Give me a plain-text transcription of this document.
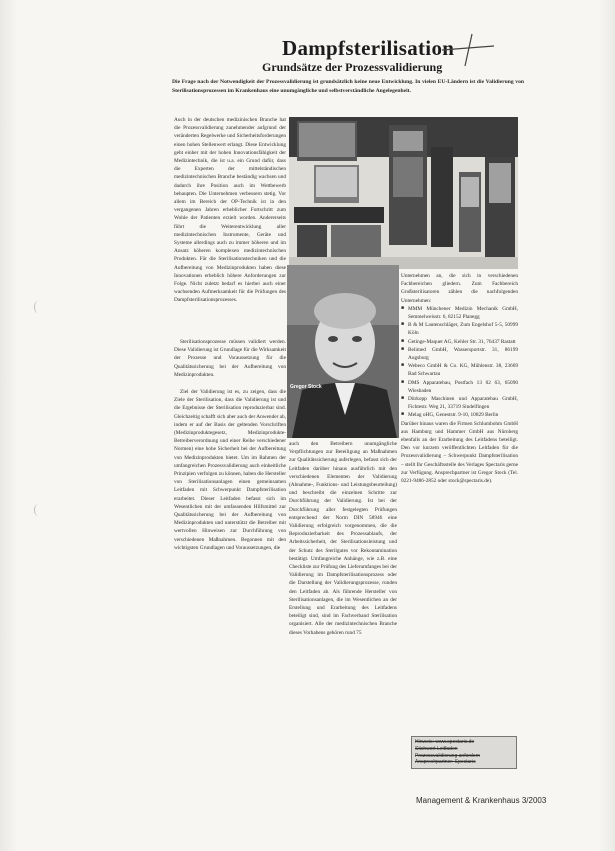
Dampfsterilisation
Grundsätze der Prozessvalidierung
Die Frage nach der Notwendigkeit der Prozessvalidierung ist grundsätzlich keine neue Entwicklung. In vielen EU-Ländern ist die Validierung von Sterilisationsprozessen im Krankenhaus eine unumgängliche und selbstverständliche Angelegenheit.

Auch in der deutschen medizinischen Branche hat die Prozessvalidierung zunehmender aufgrund der veränderten Regelwerke und Sicherheitsforderungen einen hohen Stellenwert erlangt. Diese Entwicklung geht einher mit der hohen Innovationsfähigkeit der Medizintechnik, die ist u.a. ein Grund dafür, dass die Experten der mittelständischen medizintechnischen Branche beständig wachsen und dadurch ihre Position auch im Wettbewerb behaupten. Die Unternehmen verbessern stetig. Vor allem im Bereich der OP-Technik ist in den vergangenen Jahren erheblicher Fortschritt zum Wohle der Patienten erzielt worden. Andererseits führt die Weiterentwicklung aller medizintechnischen Instrumente, Geräte und Systeme allerdings auch zu immer höheren und im Ansatz höheren komplexen medizintechnischen Produkten. Für die Sterilisationstechniken und die Aufbereitung von Medizinprodukten haben diese Innovationen erheblich höhere Anforderungen zur Folge. Nicht zuletzt bedarf es hierbei auch einer wachsenden Aufmerksamkeit für die Prüfungen des Dampfsterilisationsprozesses.

Sterilisationsprozesse müssen validiert werden. Diese Validierung ist Grundlage für die Wirksamkeit der Prozesse und Voraussetzung für die Qualitätssicherung bei der Aufbereitung von Medizinprodukten.

Ziel der Validierung ist es, zu zeigen, dass die Ziele der Sterilisation, dass die Validierung ist und die Ergebnisse der Sterilisation reproduzierbar sind. Gleichzeitig schafft sich aber auch der Anwender ab, indem er auf der Basis der geltenden Vorschriften (Medizinproduktegesetz, Medizinprodukte-Betreiberverordnung und einer Reihe verschiedener Normen) eine hohe Sicherheit bei der Aufbereitung von Medizinprodukten bietet. Um im Rahmen der umfangreichen Prozessvalidierung auch einheitliche Prinzipien verfolgen zu können, haben die Hersteller von Sterilisationsanlagen einen gemeinsamen Leitfaden mit Schwerpunkt Dampfsterilisation erarbeitet. Dieser Leitfaden befasst sich im Wesentlichen mit der umfassenden Hilfsmittel zur Qualitätssicherung bei der Aufbereitung von Medizinprodukten und unterstützt die Betreiber mit wertvollen Hinweisen zur Durchführung von verschiedenen Maßnahmen. Begonnen mit den wichtigsten Grundlagen und Voraussetzungen, die

Gregor Stock

auch den Betreibern unumgängliche Verpflichtungen zur Beteiligung an Maßnahmen zur Qualitätssicherung auferlegen, befasst sich der Leitfaden darüber hinaus ausführlich mit den verschiedenen Elementen der Validierung (Abnahme-, Funktions- und Leistungsbeurteilung) und beschreibt die einzelnen Schritte zur Durchführung der Validierung. Ist bei der Durchführung aller festgelegten Prüfungen entsprechend der Norm DIN 58946 eine Validierung erfolgreich vorgenommen, die die Reproduzierbarkeit des Prozessablaufs, der Arbeitssicherheit, der Sterilisationsleistung und der Schutz des Sterilgutes vor Rekontamination bestätigt. Umfangreiche Anhänge, wie z.B. eine Checkliste zur Prüfung des Lieferumfanges bei der Validierung im Dampfsterilisationsprozess oder die Darstellung der Validierungsprozesse, runden den Leitfaden ab. Als führende Hersteller von Sterilisationsanlagen, die im Wesentlichen an der Erstellung und Erarbeitung des Leitfadens beteiligt sind, sind im Fachverband Sterilisation organisiert. Alle der medizintechnischen Branche dieses Vorhabens gehören rund 75

Unternehmen an, die sich in verschiedenen Fachbereichen gliedern. Zum Fachbereich Großsterilisatoren zählen die nachfolgenden Unternehmen:

■ MMM Münchener Medizin Mechanik GmbH, Semmelweisstr. 6, 82152 Planegg
■ B & M Lautenschläger, Zum Engelshof 5-5, 50999 Köln
■ Getinge-Maquet AG, Kehler Str. 31, 76437 Rastatt
■ Belimed GmbH, Wassersportstr. 31, 86199 Augsburg
■ Webeco GmbH & Co. KG, Mühlenstr. 38, 23669 Bad Schwartau
■ DMS Apparatebau, Postfach 13 02 63, 65090 Wiesbaden
■ Dürkopp Maschinen und Apparatebau GmbH, Fichtestr. Weg 21, 33719 Sindelfingen
■ Melag oHG, Geneststr. 9-10, 10829 Berlin

Darüber hinaus waren die Firmen Schlumbohm GmbH aus Hamburg und Hammer GmbH aus Nürnberg ebenfalls an der Erarbeitung des Leitfadens beteiligt. Den vor kurzem veröffentlichten Leitfaden für die Prozessvalidierung – Schwerpunkt Dampfsterilisation – stellt Ihr Geschäftsstelle des Verlages Spectaris gerne zur Verfügung. Ansprechpartner ist Gregor Stock (Tel. 0221-9486-2852 oder stock@spectaris.de).

Hinweis: www.spectaris.de
Stichwort Leitfaden
Prozessvalidierung anfordern
Ansprechpartner: Spectaris
Management & Krankenhaus 3/2003
